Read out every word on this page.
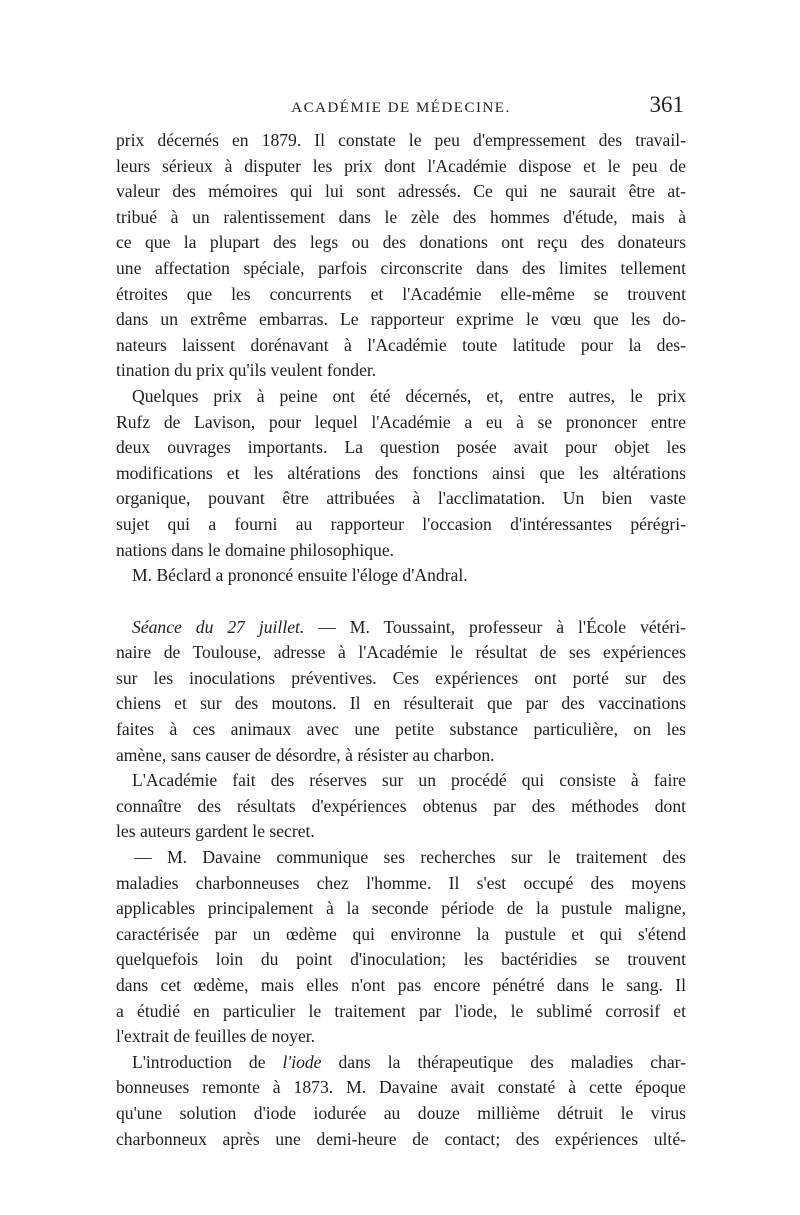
ACADÉMIE DE MÉDECINE.	361
prix décernés en 1879. Il constate le peu d'empressement des travail-
leurs sérieux à disputer les prix dont l'Académie dispose et le peu de
valeur des mémoires qui lui sont adressés. Ce qui ne saurait être at-
tribué à un ralentissement dans le zèle des hommes d'étude, mais à
ce que la plupart des legs ou des donations ont reçu des donateurs
une affectation spéciale, parfois circonscrite dans des limites tellement
étroites que les concurrents et l'Académie elle-même se trouvent
dans un extrême embarras. Le rapporteur exprime le vœu que les do-
nateurs laissent dorénavant à l'Académie toute latitude pour la des-
tination du prix qu'ils veulent fonder.
Quelques prix à peine ont été décernés, et, entre autres, le prix
Rufz de Lavison, pour lequel l'Académie a eu à se prononcer entre
deux ouvrages importants. La question posée avait pour objet les
modifications et les altérations des fonctions ainsi que les altérations
organique, pouvant être attribuées à l'acclimatation. Un bien vaste
sujet qui a fourni au rapporteur l'occasion d'intéressantes pérégri-
nations dans le domaine philosophique.
M. Béclard a prononcé ensuite l'éloge d'Andral.
Séance du 27 juillet. — M. Toussaint, professeur à l'École vétéri-
naire de Toulouse, adresse à l'Académie le résultat de ses expériences
sur les inoculations préventives. Ces expériences ont porté sur des
chiens et sur des moutons. Il en résulterait que par des vaccinations
faites à ces animaux avec une petite substance particulière, on les
amène, sans causer de désordre, à résister au charbon.
L'Académie fait des réserves sur un procédé qui consiste à faire
connaître des résultats d'expériences obtenus par des méthodes dont
les auteurs gardent le secret.
— M. Davaine communique ses recherches sur le traitement des
maladies charbonneuses chez l'homme. Il s'est occupé des moyens
applicables principalement à la seconde période de la pustule maligne,
caractérisée par un œdème qui environne la pustule et qui s'étend
quelquefois loin du point d'inoculation; les bactéridies se trouvent
dans cet œdème, mais elles n'ont pas encore pénétré dans le sang. Il
a étudié en particulier le traitement par l'iode, le sublimé corrosif et
l'extrait de feuilles de noyer.
L'introduction de l'iode dans la thérapeutique des maladies char-
bonneuses remonte à 1873. M. Davaine avait constaté à cette époque
qu'une solution d'iode iodurée au douze millième détruit le virus
charbonneux après une demi-heure de contact; des expériences ulté-
